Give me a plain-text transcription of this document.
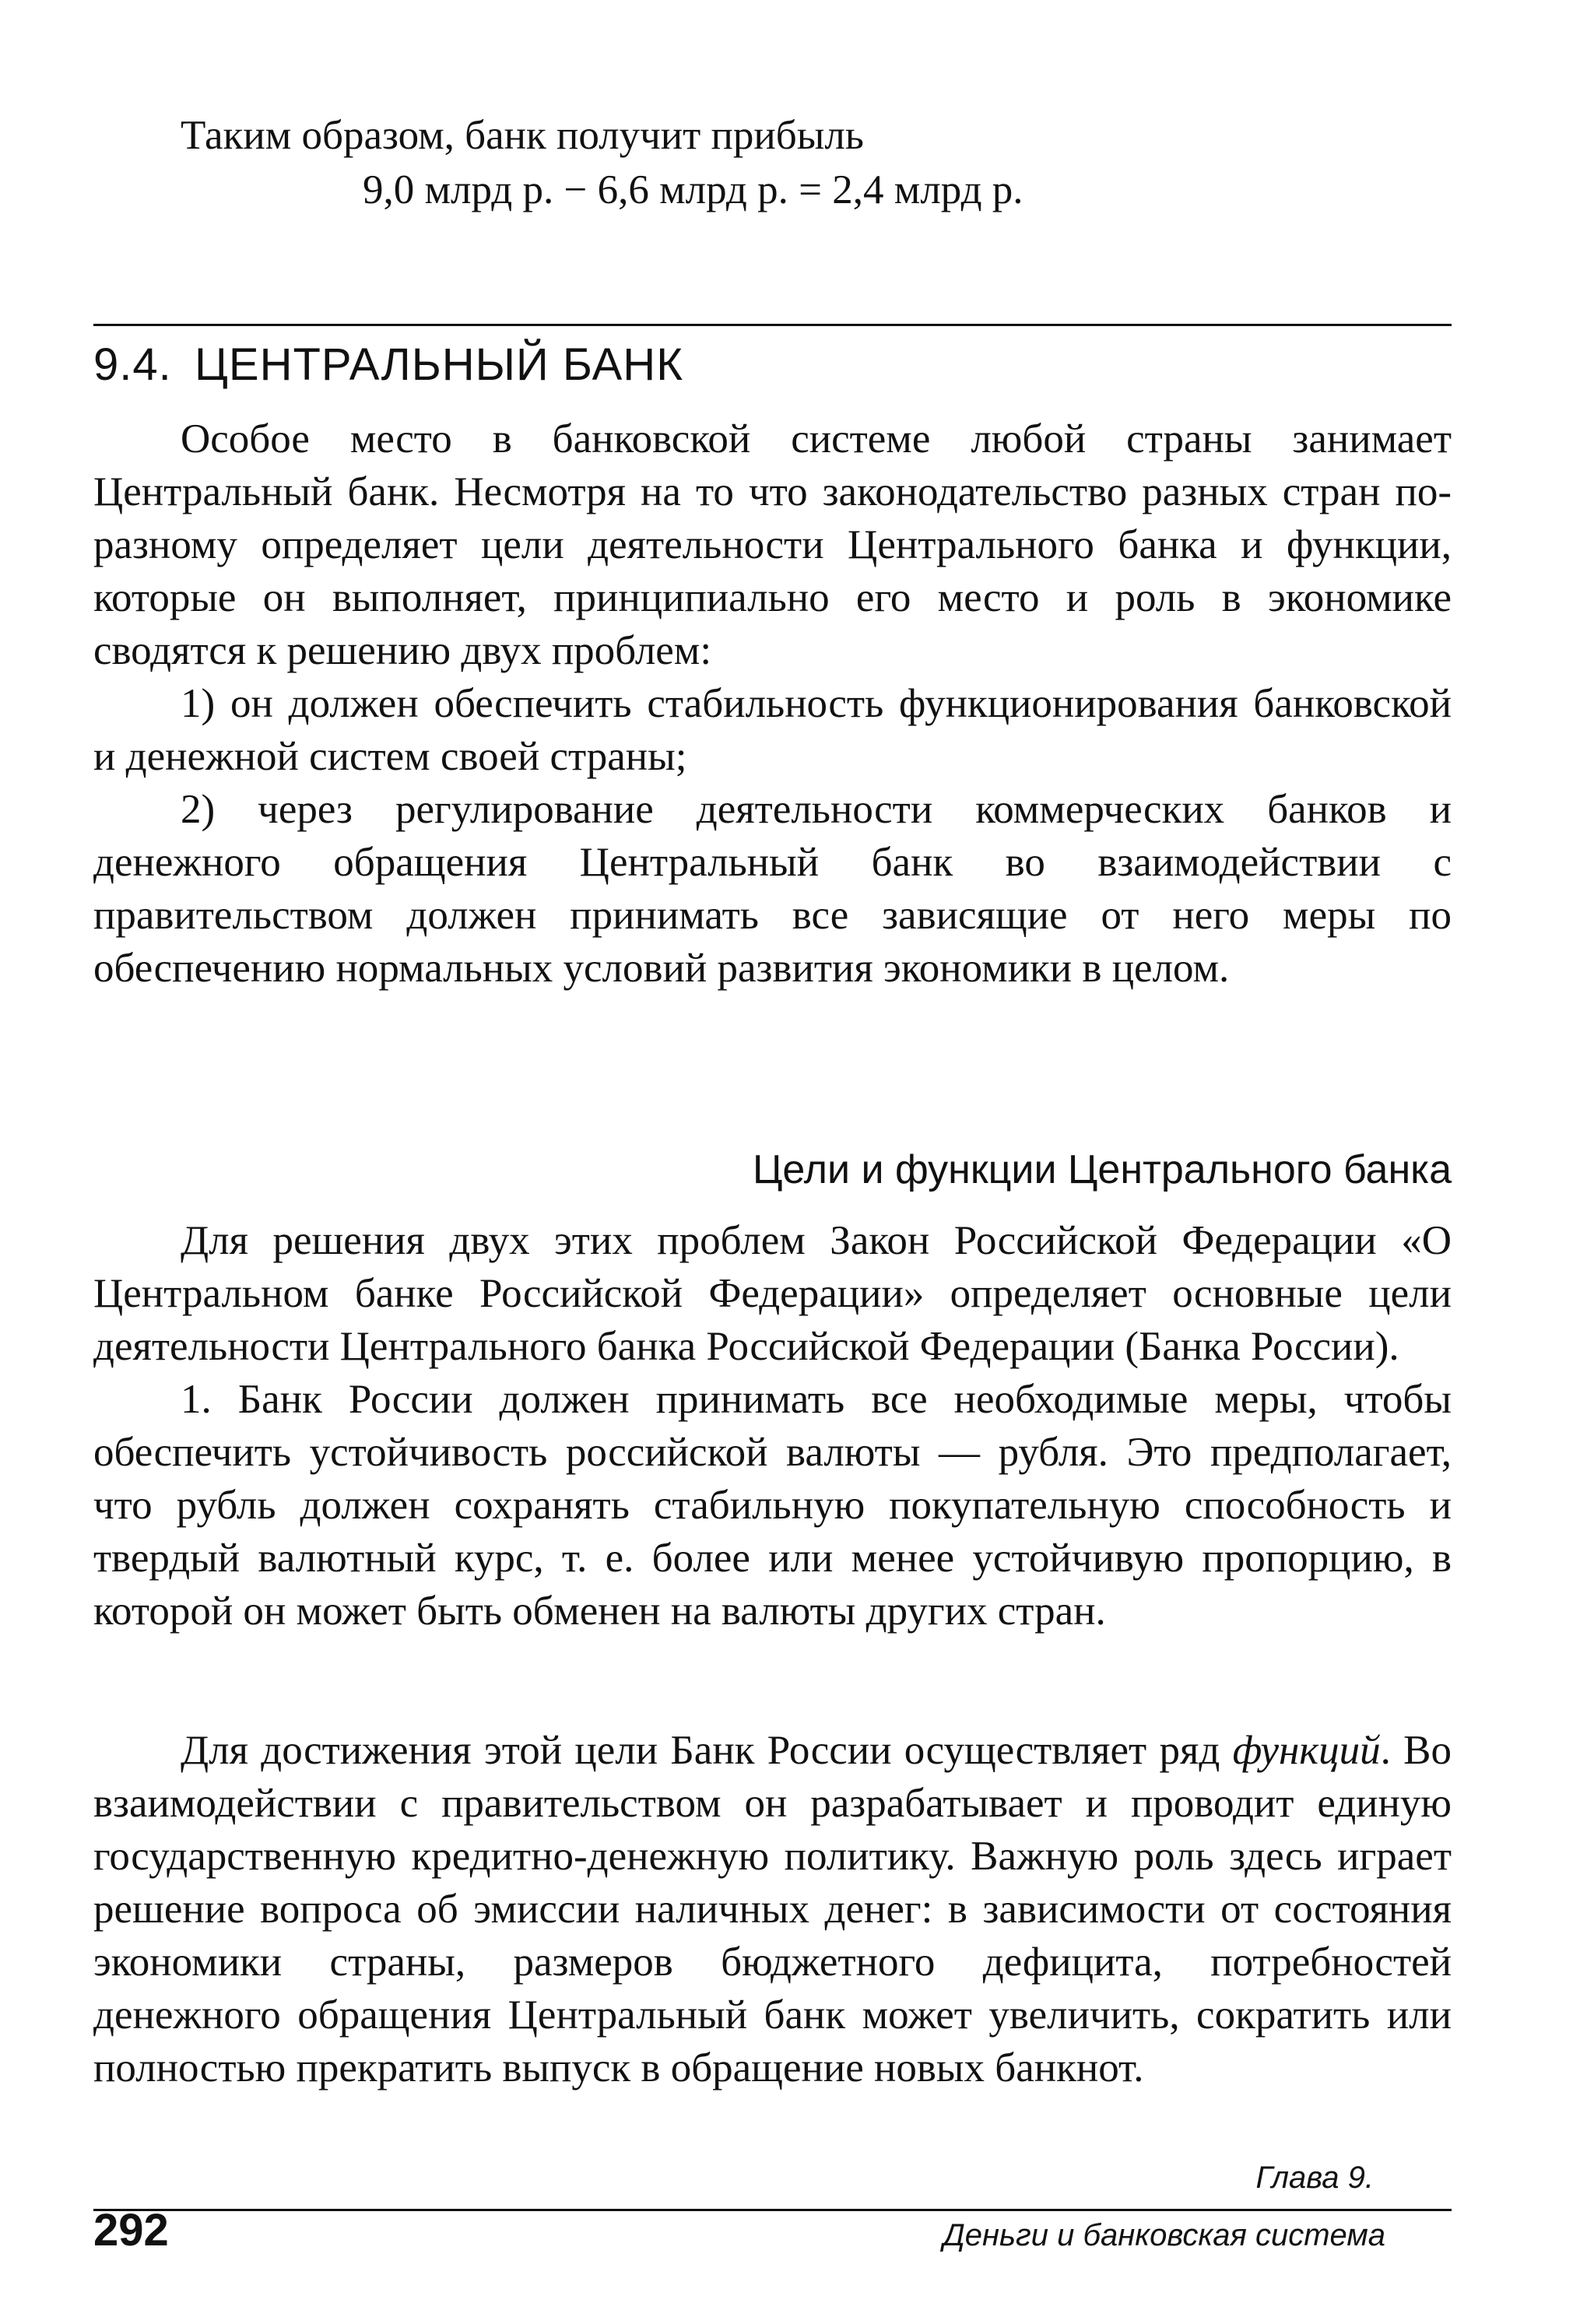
Таким образом, банк получит прибыль
9,0 млрд р. − 6,6 млрд р. = 2,4 млрд р.
9.4. ЦЕНТРАЛЬНЫЙ БАНК

Особое место в банковской системе любой страны занимает Центральный банк. Несмотря на то что законодательство разных стран по-разному определяет цели деятельности Центрального банка и функции, которые он выполняет, принципиально его место и роль в экономике сводятся к решению двух проблем:

1) он должен обеспечить стабильность функционирования банковской и денежной систем своей страны;

2) через регулирование деятельности коммерческих банков и денежного обращения Центральный банк во взаимодействии с правительством должен принимать все зависящие от него меры по обеспечению нормальных условий развития экономики в целом.

Цели и функции Центрального банка

Для решения двух этих проблем Закон Российской Федерации «О Центральном банке Российской Федерации» определяет основные цели деятельности Центрального банка Российской Федерации (Банка России).

1. Банк России должен принимать все необходимые меры, чтобы обеспечить устойчивость российской валюты — рубля. Это предполагает, что рубль должен сохранять стабильную покупательную способность и твердый валютный курс, т. е. более или менее устойчивую пропорцию, в которой он может быть обменен на валюты других стран.

Для достижения этой цели Банк России осуществляет ряд функций. Во взаимодействии с правительством он разрабатывает и проводит единую государственную кредитно-денежную политику. Важную роль здесь играет решение вопроса об эмиссии наличных денег: в зависимости от состояния экономики страны, размеров бюджетного дефицита, потребностей денежного обращения Центральный банк может увеличить, сократить или полностью прекратить выпуск в обращение новых банкнот.

Глава 9.
292	Деньги и банковская система
